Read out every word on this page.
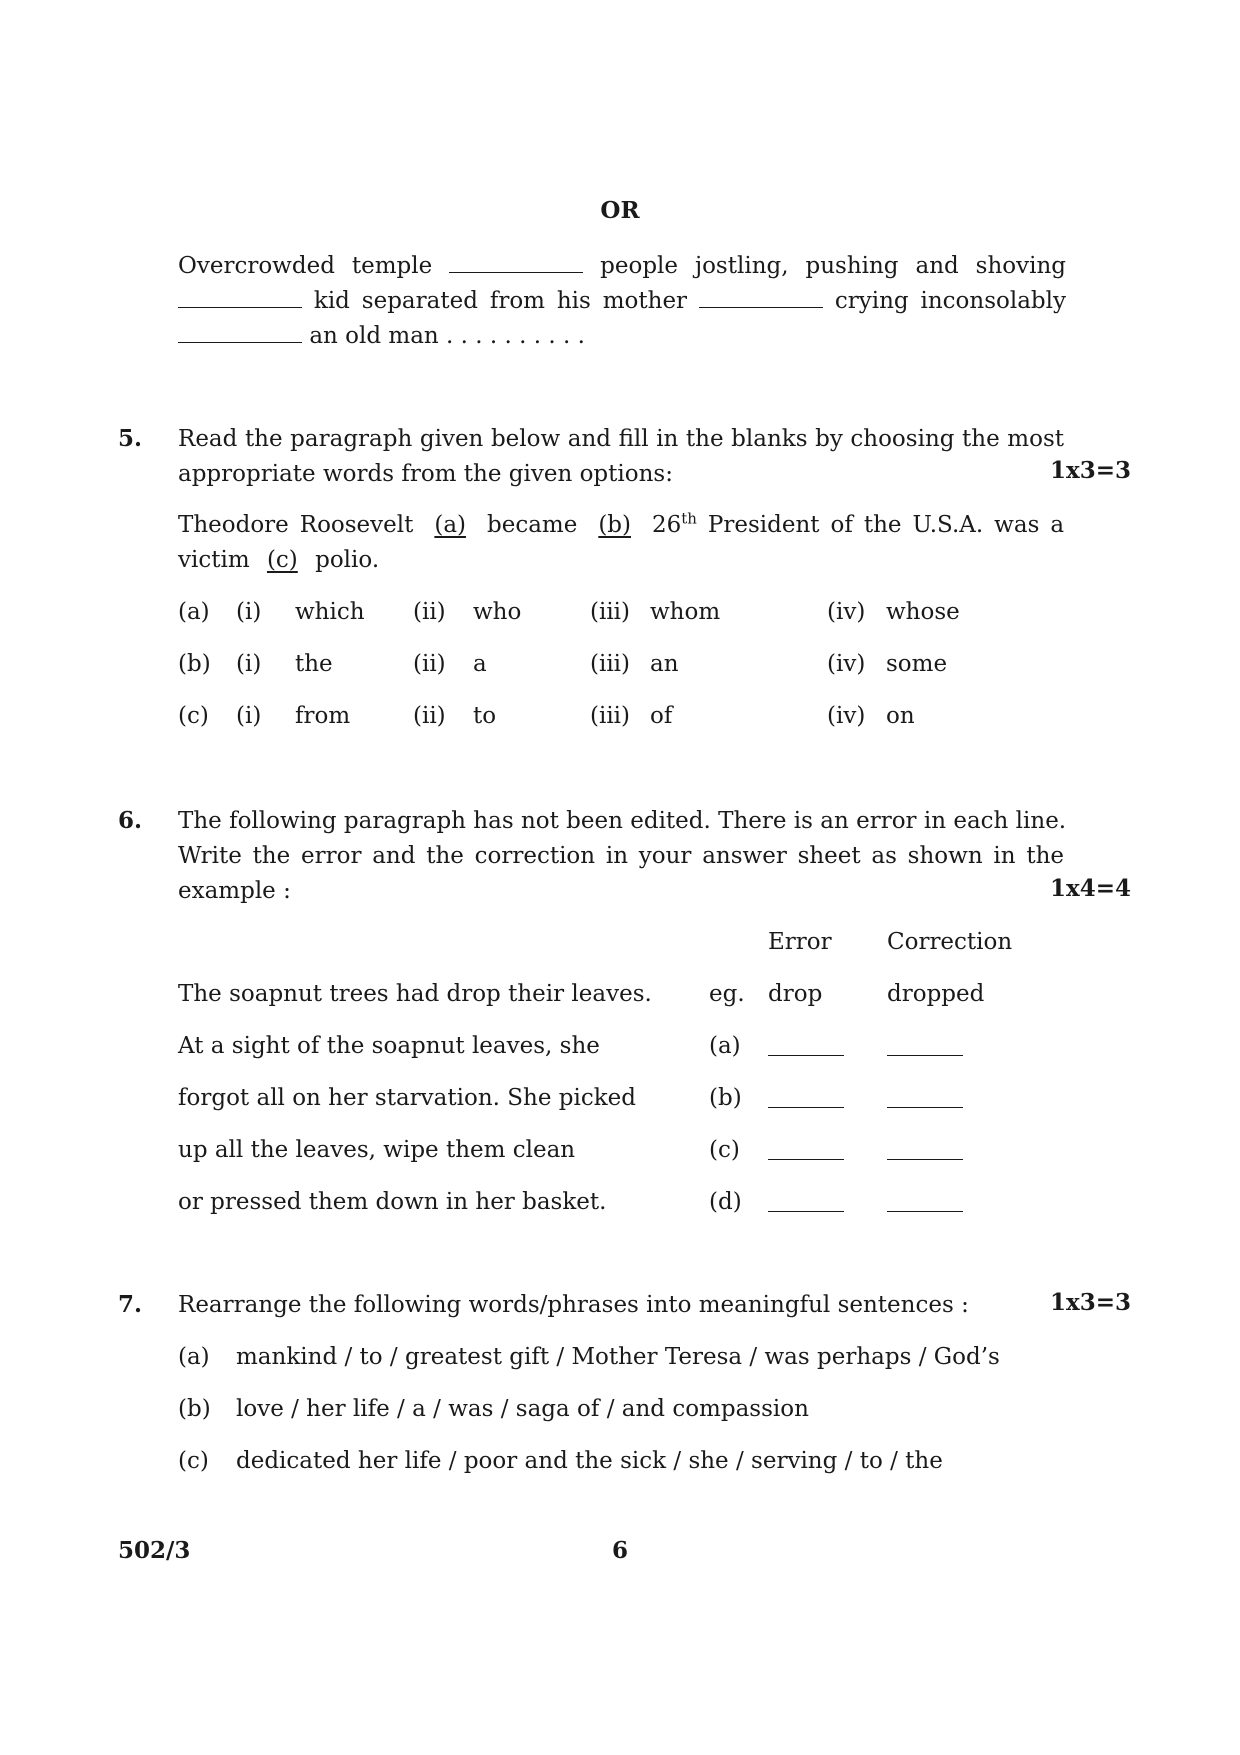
OR
Overcrowded temple	people jostling, pushing and shoving
kid separated from his mother	crying inconsolably
an old man . . . . . . . . . .
5. Read the paragraph given below and fill in the blanks by choosing the most
appropriate words from the given options:	1x3=3
Theodore Roosevelt (a) became (b) 26th President of the U.S.A. was a
victim (c) polio.
(a) (i) which (ii) who	(iii) whom	(iv) whose
(b) (i) the	(ii) a	(iii) an	(iv) some
(c) (i) from	(ii) to	(iii) of	(iv) on
6. The following paragraph has not been edited. There is an error in each line.
Write the error and the correction in your answer sheet as shown in the
example :	1x4=4
Error Correction
The soapnut trees had drop their leaves. eg. drop	dropped
At a sight of the soapnut leaves, she	(a)
forgot all on her starvation. She picked	(b)
up all the leaves, wipe them clean	(c)
or pressed them down in her basket.	(d)
7. Rearrange the following words/phrases into meaningful sentences :	1x3=3
(a) mankind / to / greatest gift / Mother Teresa / was perhaps / God’s
(b) love / her life / a / was / saga of / and compassion
(c) dedicated her life / poor and the sick / she / serving / to / the
502/3	6
